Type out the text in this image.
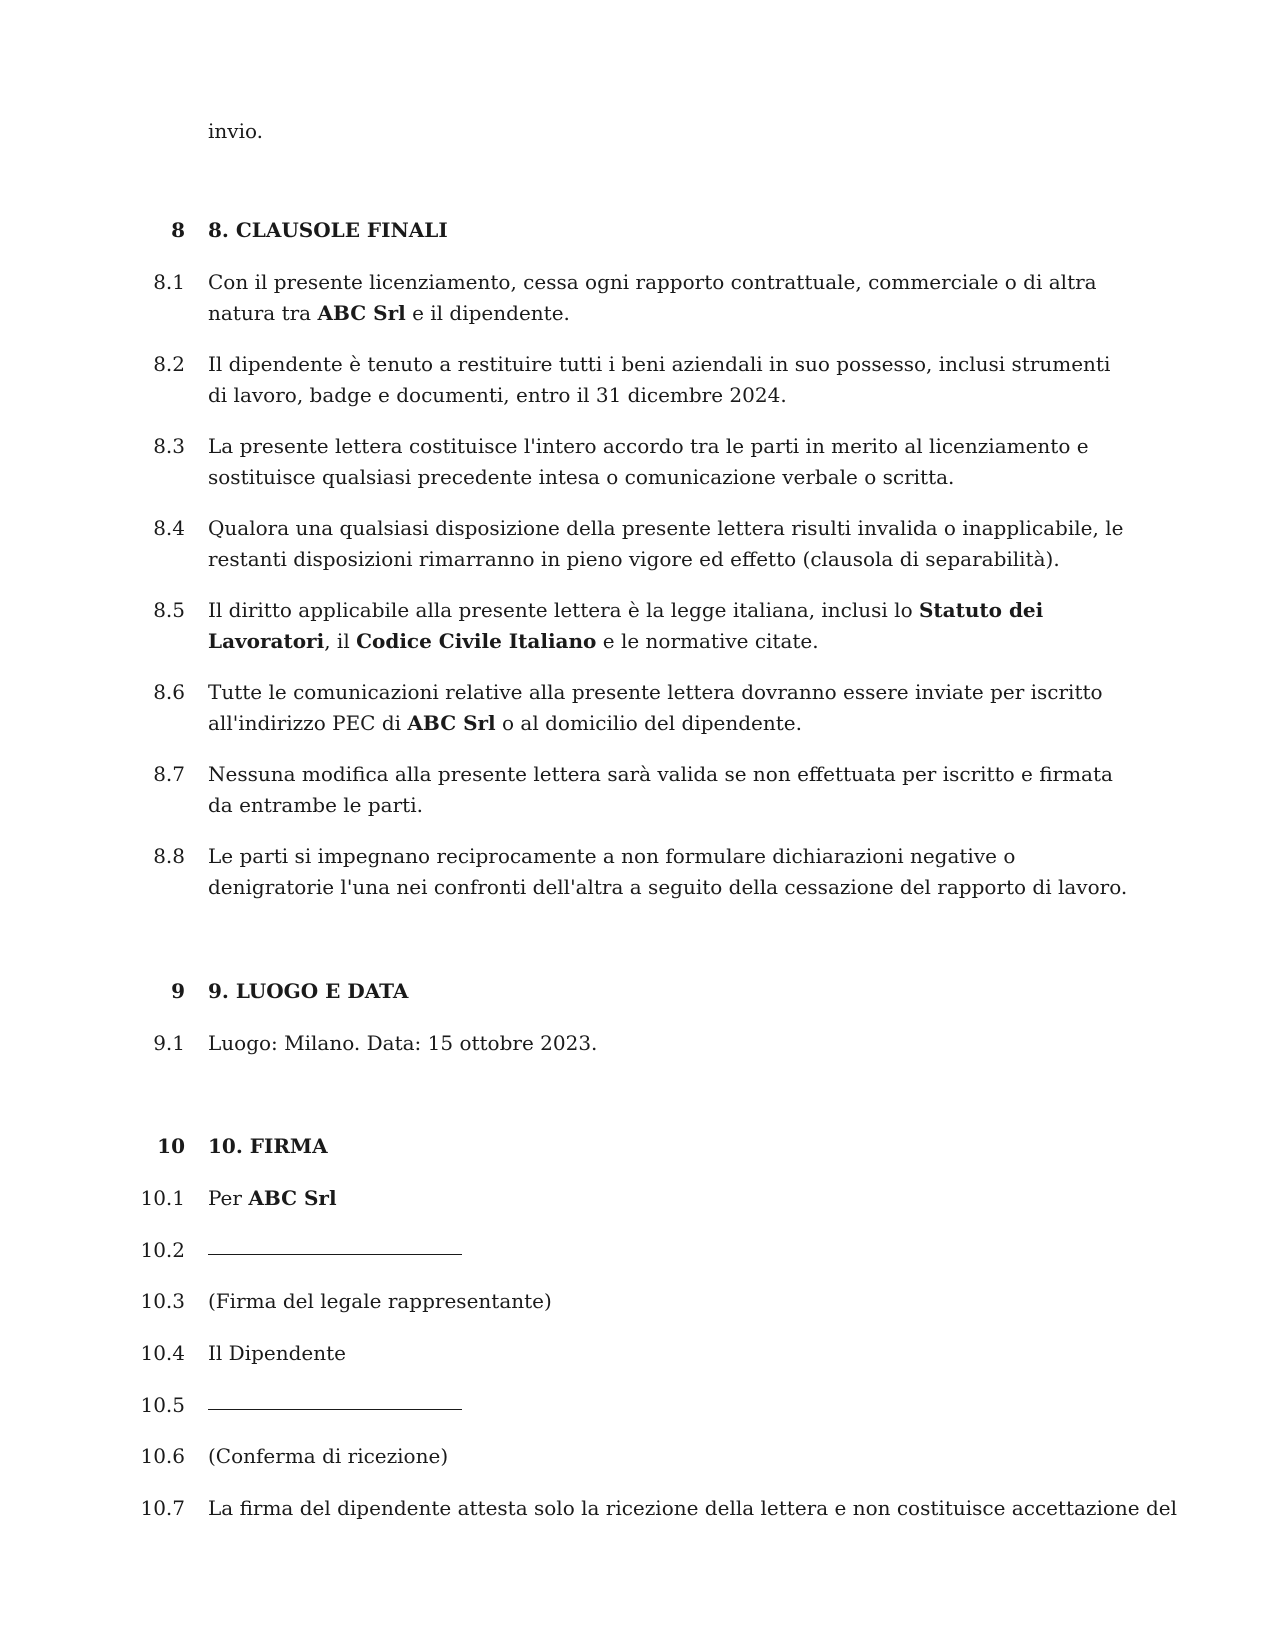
invio.
8 8. CLAUSOLE FINALI
8.1 Con il presente licenziamento, cessa ogni rapporto contrattuale, commerciale o di altra natura tra ABC Srl e il dipendente.
8.2 Il dipendente è tenuto a restituire tutti i beni aziendali in suo possesso, inclusi strumenti di lavoro, badge e documenti, entro il 31 dicembre 2024.
8.3 La presente lettera costituisce l'intero accordo tra le parti in merito al licenziamento e sostituisce qualsiasi precedente intesa o comunicazione verbale o scritta.
8.4 Qualora una qualsiasi disposizione della presente lettera risulti invalida o inapplicabile, le restanti disposizioni rimarranno in pieno vigore ed effetto (clausola di separabilità).
8.5 Il diritto applicabile alla presente lettera è la legge italiana, inclusi lo Statuto dei Lavoratori, il Codice Civile Italiano e le normative citate.
8.6 Tutte le comunicazioni relative alla presente lettera dovranno essere inviate per iscritto all'indirizzo PEC di ABC Srl o al domicilio del dipendente.
8.7 Nessuna modifica alla presente lettera sarà valida se non effettuata per iscritto e firmata da entrambe le parti.
8.8 Le parti si impegnano reciprocamente a non formulare dichiarazioni negative o denigratorie l'una nei confronti dell'altra a seguito della cessazione del rapporto di lavoro.
9 9. LUOGO E DATA
9.1 Luogo: Milano. Data: 15 ottobre 2023.
10 10. FIRMA
10.1 Per ABC Srl
10.2
10.3 (Firma del legale rappresentante)
10.4 Il Dipendente
10.5
10.6 (Conferma di ricezione)
10.7 La firma del dipendente attesta solo la ricezione della lettera e non costituisce accettazione del
